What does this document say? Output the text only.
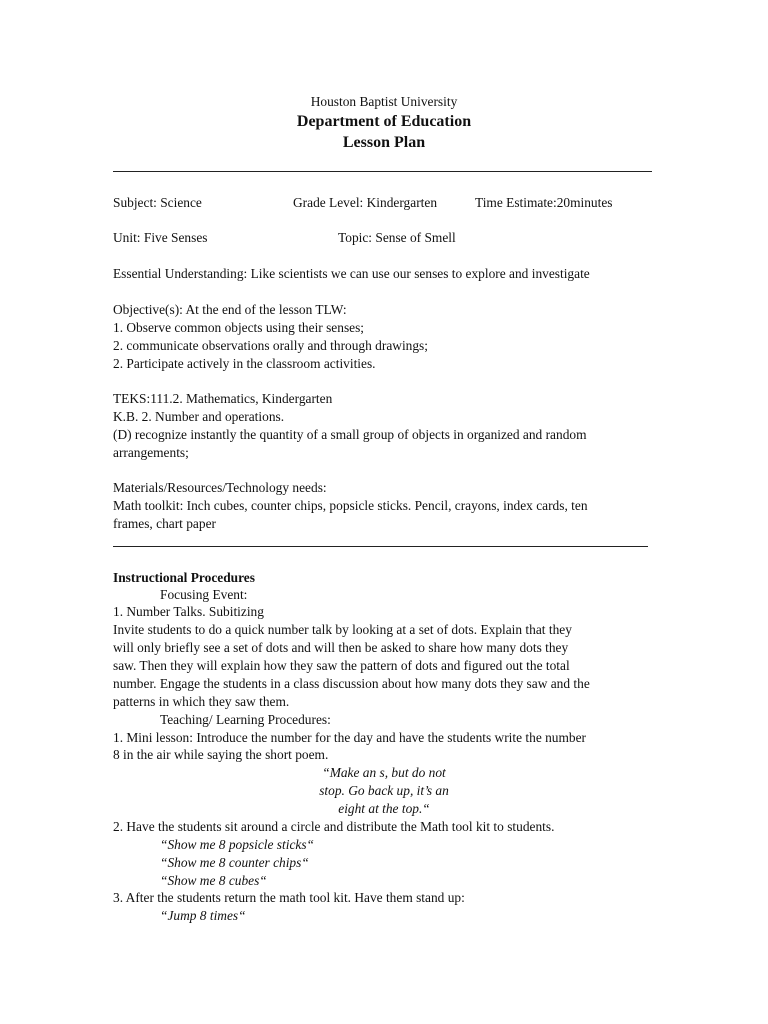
Houston Baptist University
Department of Education
Lesson Plan
Subject: Science	Grade Level: Kindergarten	Time Estimate:20minutes
Unit: Five Senses	Topic: Sense of Smell
Essential Understanding: Like scientists we can use our senses to explore and investigate
Objective(s): At the end of the lesson TLW:
1. Observe common objects using their senses;
2. communicate observations orally and through drawings;
2. Participate actively in the classroom activities.
TEKS:111.2. Mathematics, Kindergarten
K.B. 2. Number and operations.
(D) recognize instantly the quantity of a small group of objects in organized and random
arrangements;
Materials/Resources/Technology needs:
Math toolkit: Inch cubes, counter chips, popsicle sticks. Pencil, crayons, index cards, ten
frames, chart paper
Instructional Procedures
Focusing Event:
1. Number Talks. Subitizing
Invite students to do a quick number talk by looking at a set of dots. Explain that they
will only briefly see a set of dots and will then be asked to share how many dots they
saw. Then they will explain how they saw the pattern of dots and figured out the total
number. Engage the students in a class discussion about how many dots they saw and the
patterns in which they saw them.
Teaching/ Learning Procedures:
1. Mini lesson: Introduce the number for the day and have the students write the number
8 in the air while saying the short poem.
“Make an s, but do not
stop. Go back up, it’s an
eight at the top.“
2. Have the students sit around a circle and distribute the Math tool kit to students.
“Show me 8 popsicle sticks“
“Show me 8 counter chips“
“Show me 8 cubes“
3. After the students return the math tool kit. Have them stand up:
“Jump 8 times“
